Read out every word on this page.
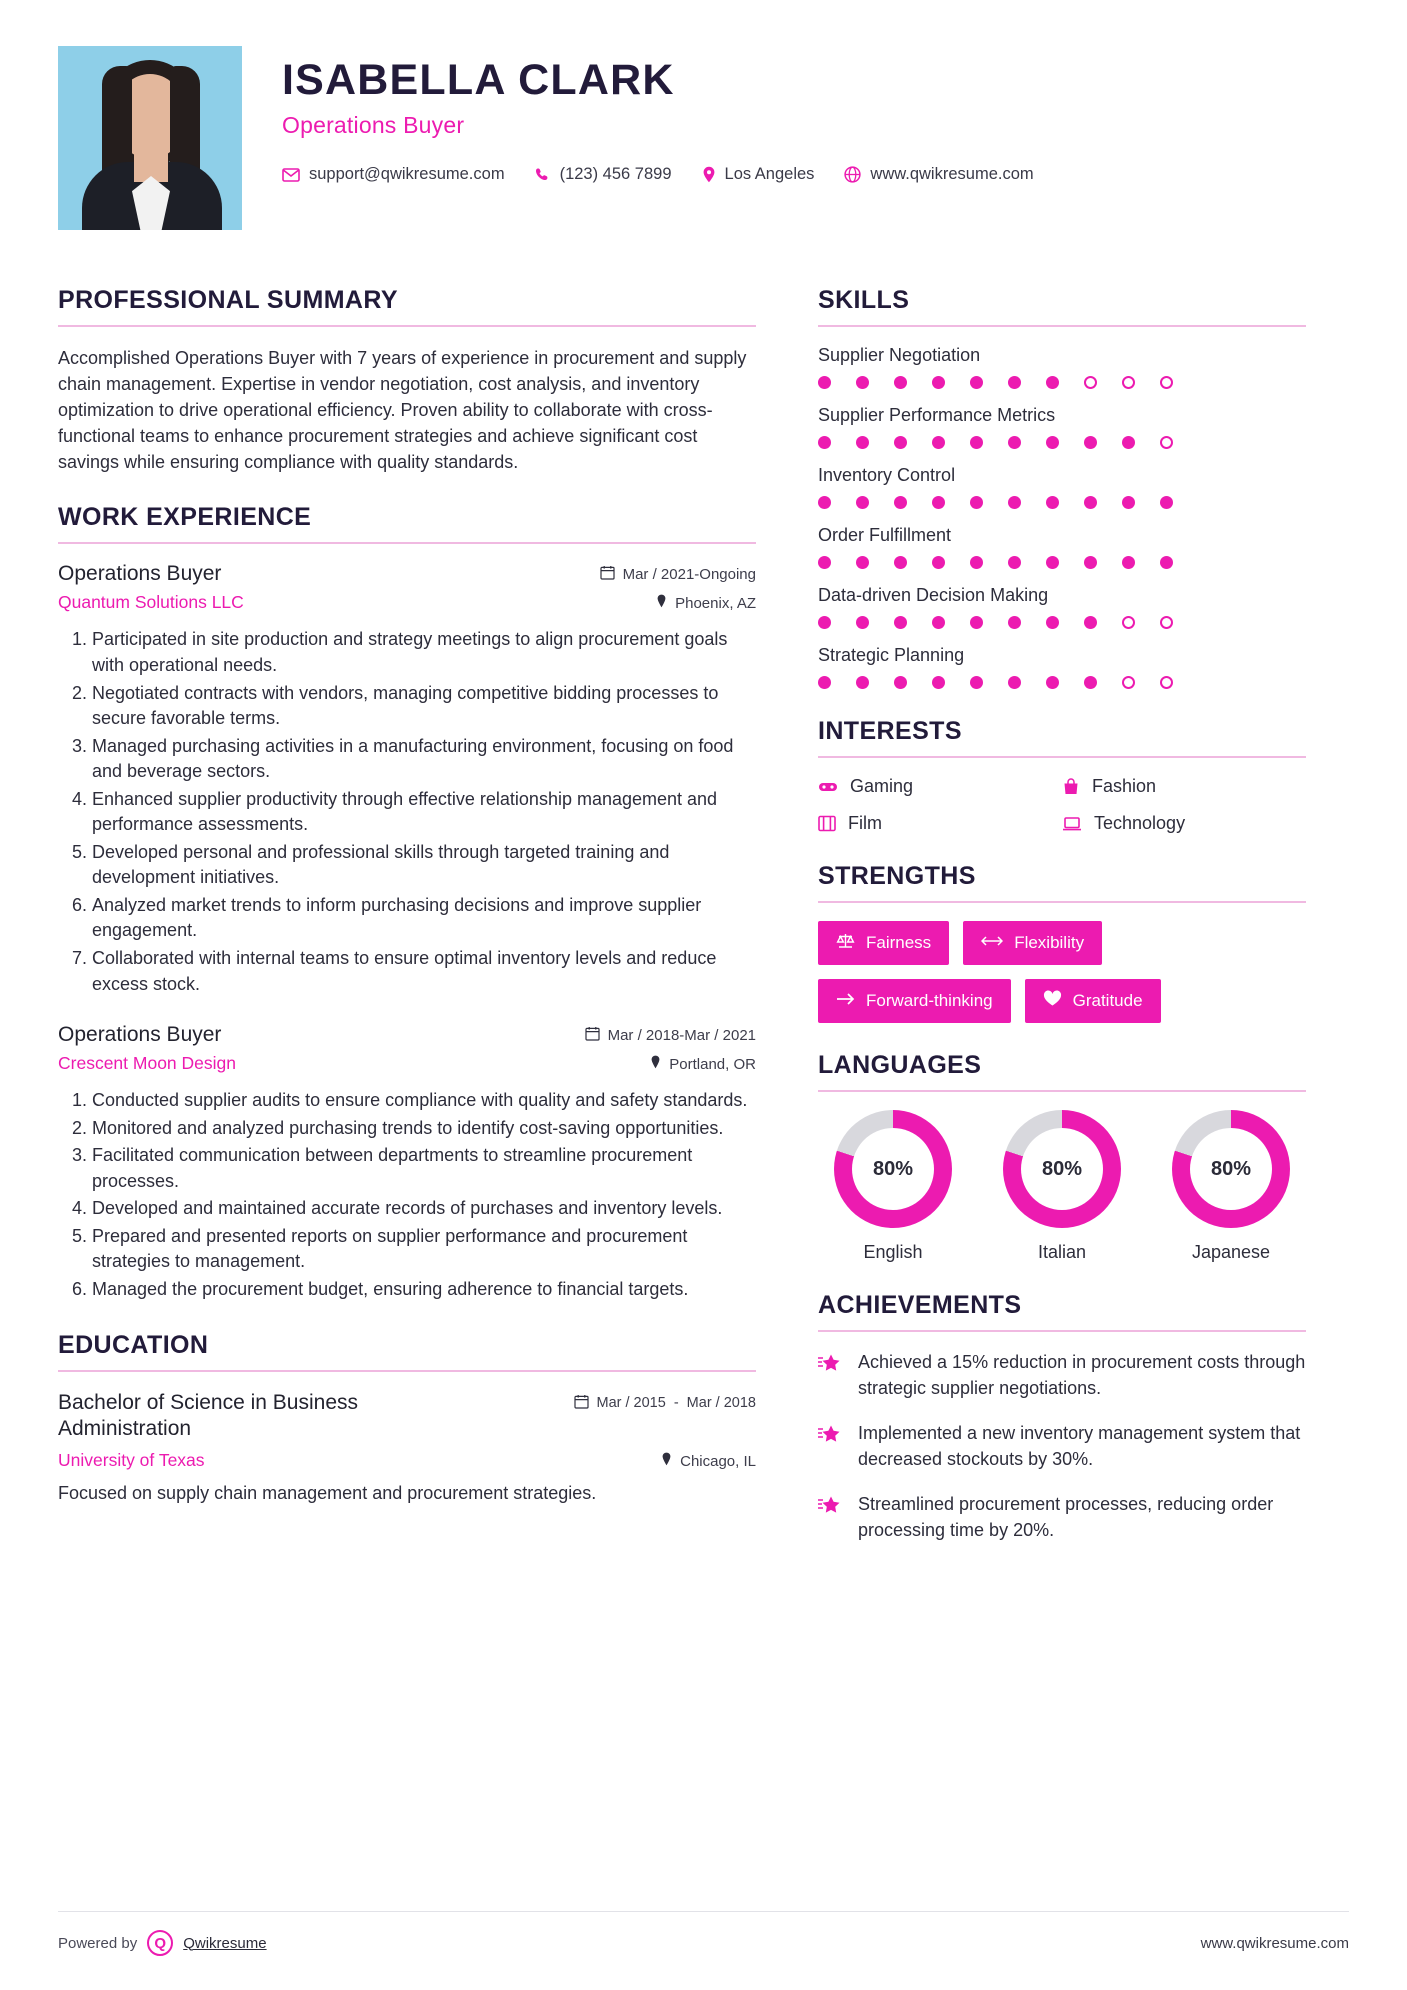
ISABELLA CLARK
Operations Buyer
support@qwikresume.com	(123) 456 7899	Los Angeles	www.qwikresume.com
PROFESSIONAL SUMMARY
Accomplished Operations Buyer with 7 years of experience in procurement and supply chain management. Expertise in vendor negotiation, cost analysis, and inventory optimization to drive operational efficiency. Proven ability to collaborate with cross-functional teams to enhance procurement strategies and achieve significant cost savings while ensuring compliance with quality standards.
WORK EXPERIENCE
Operations Buyer	Mar / 2021-Ongoing
Quantum Solutions LLC	Phoenix, AZ
1. Participated in site production and strategy meetings to align procurement goals with operational needs.
2. Negotiated contracts with vendors, managing competitive bidding processes to secure favorable terms.
3. Managed purchasing activities in a manufacturing environment, focusing on food and beverage sectors.
4. Enhanced supplier productivity through effective relationship management and performance assessments.
5. Developed personal and professional skills through targeted training and development initiatives.
6. Analyzed market trends to inform purchasing decisions and improve supplier engagement.
7. Collaborated with internal teams to ensure optimal inventory levels and reduce excess stock.
Operations Buyer	Mar / 2018-Mar / 2021
Crescent Moon Design	Portland, OR
1. Conducted supplier audits to ensure compliance with quality and safety standards.
2. Monitored and analyzed purchasing trends to identify cost-saving opportunities.
3. Facilitated communication between departments to streamline procurement processes.
4. Developed and maintained accurate records of purchases and inventory levels.
5. Prepared and presented reports on supplier performance and procurement strategies to management.
6. Managed the procurement budget, ensuring adherence to financial targets.
EDUCATION
Bachelor of Science in Business Administration
Mar / 2015 - Mar / 2018
University of Texas	Chicago, IL
Focused on supply chain management and procurement strategies.
SKILLS
Supplier Negotiation
Supplier Performance Metrics
Inventory Control
Order Fulfillment
Data-driven Decision Making
Strategic Planning
INTERESTS
Gaming	Fashion
Film	Technology
STRENGTHS
Fairness	Flexibility
Forward-thinking	Gratitude
LANGUAGES
80%
English
80%
Italian
80%
Japanese
ACHIEVEMENTS
Achieved a 15% reduction in procurement costs through strategic supplier negotiations.
Implemented a new inventory management system that decreased stockouts by 30%.
Streamlined procurement processes, reducing order processing time by 20%.
Powered by	Q	Qwikresume	www.qwikresume.com
